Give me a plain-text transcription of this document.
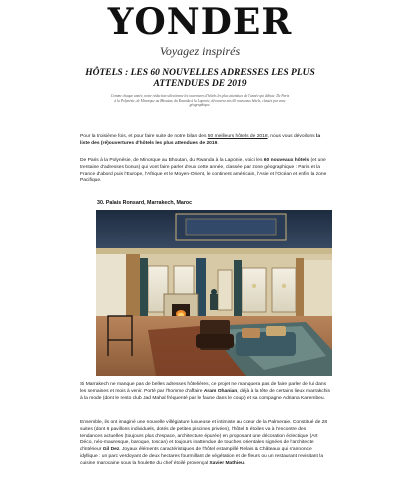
YONDER
Voyagez inspirés
HÔTELS : LES 60 NOUVELLES ADRESSES LES PLUS ATTENDUES DE 2019
Comme chaque année, notre rédaction sélectionne les ouvertures d'hôtels les plus attendues de l'année qui débute. De Paris à la Polynésie, de Minorque au Bhoutan, du Rwanda à la Laponie, découvrez nos 60 nouveaux hôtels, classés par zone géographique.
Pour la troisième fois, et pour faire suite de notre bilan des 50 meilleurs hôtels de 2018, nous vous dévoilons la liste des (ré)ouvertures d'hôtels les plus attendues de 2019.
De Paris à la Polynésie, de Minorque au Bhoutan, du Rwanda à la Laponie, voici les 60 nouveaux hôtels (et une trentaine d'adresses bonus) qui vont faire parler d'eux cette année, classée par zone géographique : Paris et la France d'abord puis l'Europe, l'Afrique et le Moyen-Orient, le continent américain, l'Asie et l'Océan et enfin la zone Pacifique.
30. Palais Ronsard, Marrakech, Maroc
Si Marrakech ne manque pas de belles adresses hôtelières, ce projet ne manquera pas de faire parler de lui dans les semaines et mois à venir. Porté par l'homme d'affaire Aram Ohanian, déjà à la tête de certains lieux marrakchis à la mode (dont le resto club Jad Mahal fréquenté par le faune dans le coup) et sa compagne Adriana Karembeu.
Ensemble, ils ont imaginé une nouvelle villégiature luxueuse et intimiste au cœur de la Palmeraie. Constitué de 28 suites (dont 6 pavillons individuels, dotés de petites piscines privées), l'hôtel 5 étoiles va à l'encontre des tendances actuelles (toujours plus d'espace, architecture épurée) en proposant une décoration éclectique (Art Déco, néo-mauresque, baroque, toscan) et toujours inattendue de touches orientales signées de l'architecte d'intérieur Gil Dez. Joyaux éléments caractéristiques de l'hôtel estampillé Relais & Châteaux qui s'annonce idyllique : un parc verdoyant de deux hectares fourmillant de végétation et de fleurs ou un restaurant revisitant la cuisine marocaine sous la houlette du chef étoilé provençal Xavier Mathieu.
